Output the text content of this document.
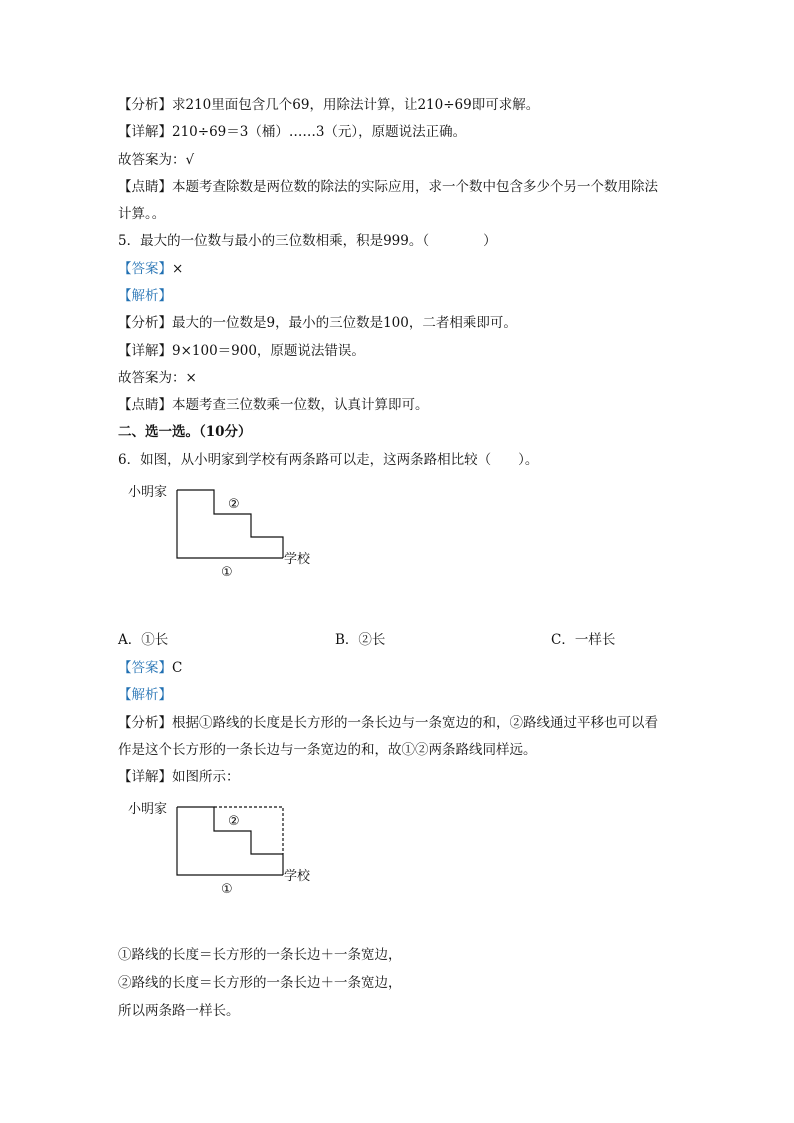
【分析】求210里面包含几个69，用除法计算，让210÷69即可求解。
【详解】210÷69＝3（桶）……3（元），原题说法正确。
故答案为：√
【点睛】本题考查除数是两位数的除法的实际应用，求一个数中包含多少个另一个数用除法
计算。。
5．最大的一位数与最小的三位数相乘，积是999。（　　　　）
【答案】×
【解析】
【分析】最大的一位数是9，最小的三位数是100，二者相乘即可。
【详解】9×100＝900，原题说法错误。
故答案为：×
【点睛】本题考查三位数乘一位数，认真计算即可。
二、选一选。（10分）
6．如图，从小明家到学校有两条路可以走，这两条路相比较（　　）。
小明家
②
学校
①
A．①长	B．②长	C．一样长
【答案】C
【解析】
【分析】根据①路线的长度是长方形的一条长边与一条宽边的和，②路线通过平移也可以看
作是这个长方形的一条长边与一条宽边的和，故①②两条路线同样远。
【详解】如图所示：
小明家
②
学校
①
①路线的长度＝长方形的一条长边＋一条宽边，
②路线的长度＝长方形的一条长边＋一条宽边，
所以两条路一样长。
